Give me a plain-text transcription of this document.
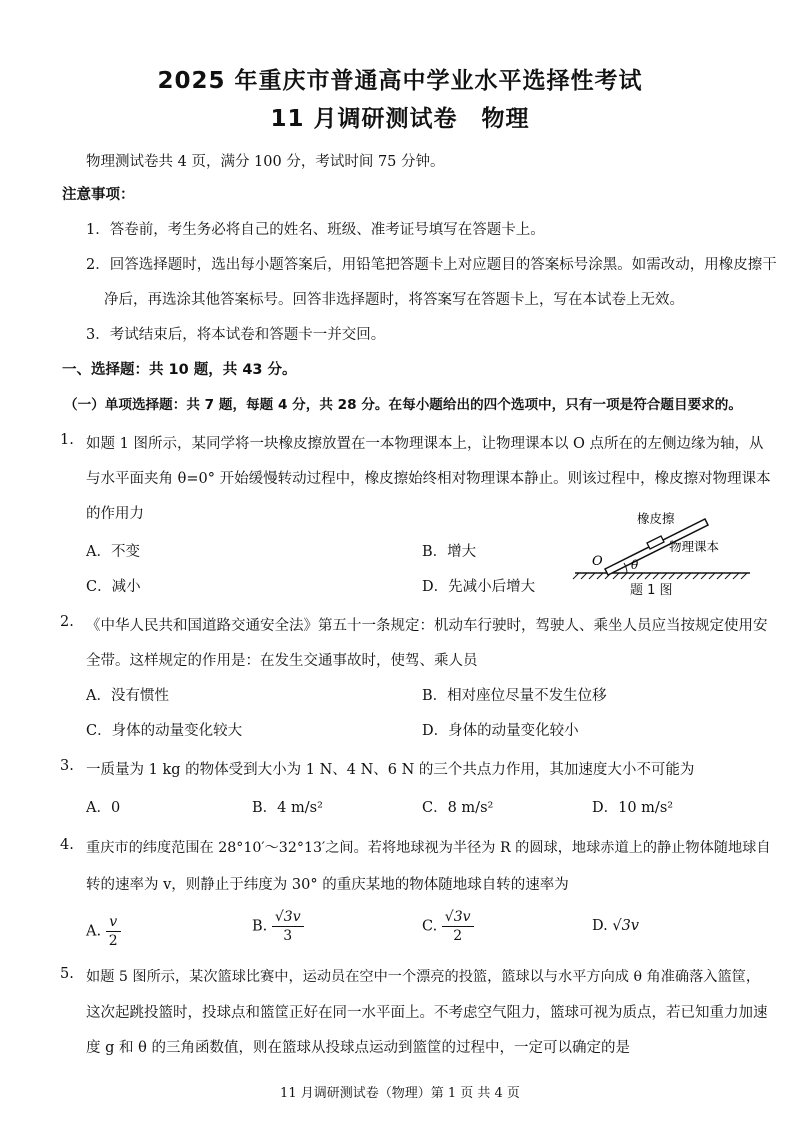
2025 年重庆市普通高中学业水平选择性考试
11 月调研测试卷　物理
物理测试卷共 4 页，满分 100 分，考试时间 75 分钟。
注意事项：
1．答卷前，考生务必将自己的姓名、班级、准考证号填写在答题卡上。
2．回答选择题时，选出每小题答案后，用铅笔把答题卡上对应题目的答案标号涂黑。如需改动，用橡皮擦干
净后，再选涂其他答案标号。回答非选择题时，将答案写在答题卡上，写在本试卷上无效。
3．考试结束后，将本试卷和答题卡一并交回。
一、选择题：共 10 题，共 43 分。
（一）单项选择题：共 7 题，每题 4 分，共 28 分。在每小题给出的四个选项中，只有一项是符合题目要求的。
1. 如题 1 图所示，某同学将一块橡皮擦放置在一本物理课本上，让物理课本以 O 点所在的左侧边缘为轴，从
与水平面夹角 θ=0° 开始缓慢转动过程中，橡皮擦始终相对物理课本静止。则该过程中，橡皮擦对物理课本
的作用力
A．不变	B．增大
C．减小	D．先减小后增大
θ
O
橡皮擦
物理课本
题 1 图
2. 《中华人民共和国道路交通安全法》第五十一条规定：机动车行驶时，驾驶人、乘坐人员应当按规定使用安
全带。这样规定的作用是：在发生交通事故时，使驾、乘人员
A．没有惯性	B．相对座位尽量不发生位移
C．身体的动量变化较大	D．身体的动量变化较小
3. 一质量为 1 kg 的物体受到大小为 1 N、4 N、6 N 的三个共点力作用，其加速度大小不可能为
A．0	B．4 m/s²	C．8 m/s²	D．10 m/s²
4. 重庆市的纬度范围在 28°10′～32°13′之间。若将地球视为半径为 R 的圆球，地球赤道上的静止物体随地球自
转的速率为 v，则静止于纬度为 30° 的重庆某地的物体随地球自转的速率为
A. $\frac{v}{2}$	B. $\frac{√3v}{3}$	C. $\frac{√3v}{2}$	D. √3v
5. 如题 5 图所示，某次篮球比赛中，运动员在空中一个漂亮的投篮，篮球以与水平方向成 θ 角准确落入篮筐，
这次起跳投篮时，投球点和篮筐正好在同一水平面上。不考虑空气阻力，篮球可视为质点，若已知重力加速
度 g 和 θ 的三角函数值，则在篮球从投球点运动到篮筐的过程中，一定可以确定的是
11 月调研测试卷（物理）第 1 页 共 4 页
